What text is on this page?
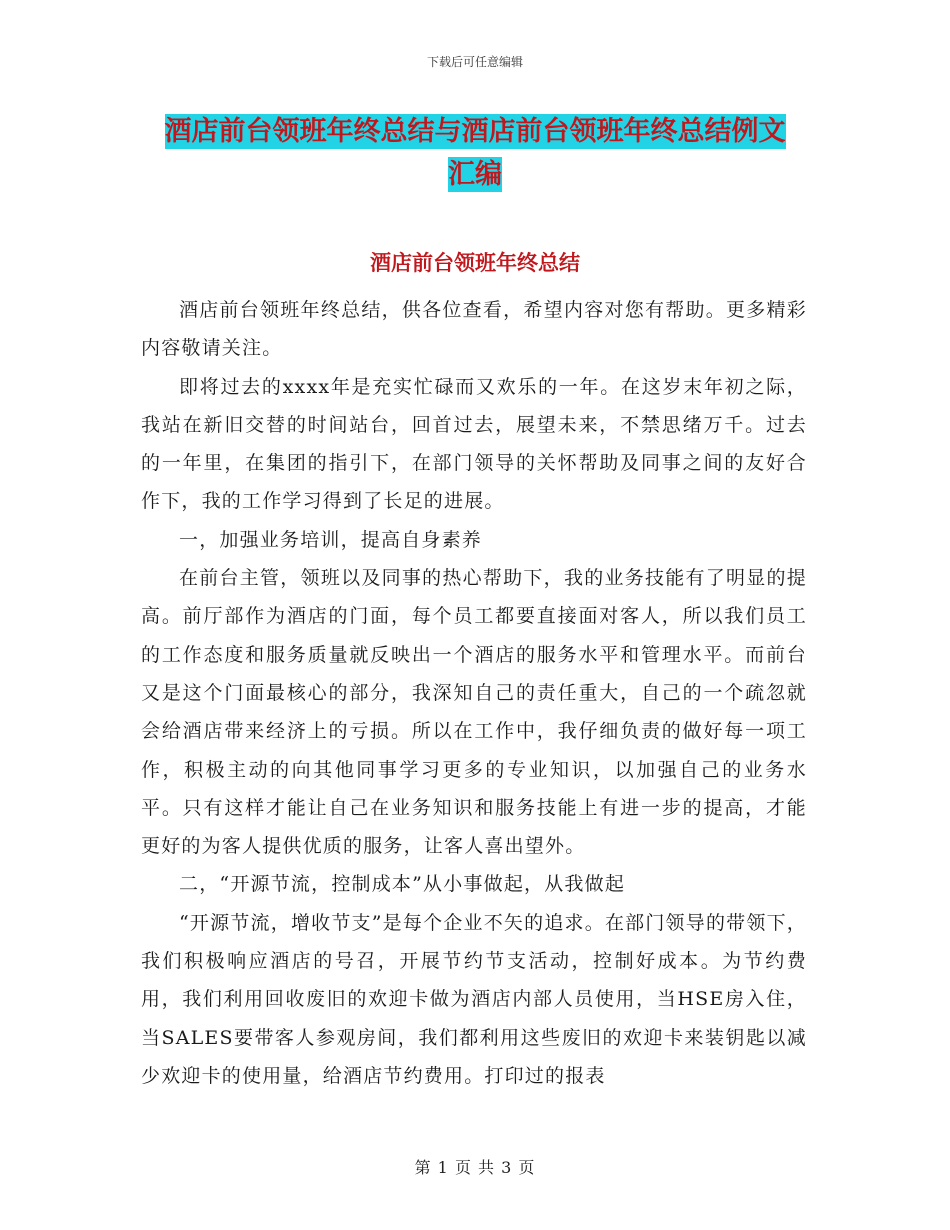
下载后可任意编辑
酒店前台领班年终总结与酒店前台领班年终总结例文
汇编
酒店前台领班年终总结

酒店前台领班年终总结，供各位查看，希望内容对您有帮助。更多精彩内容敬请关注。

即将过去的xxxx年是充实忙碌而又欢乐的一年。在这岁末年初之际，我站在新旧交替的时间站台，回首过去，展望未来，不禁思绪万千。过去的一年里，在集团的指引下，在部门领导的关怀帮助及同事之间的友好合作下，我的工作学习得到了长足的进展。

一，加强业务培训，提高自身素养

在前台主管，领班以及同事的热心帮助下，我的业务技能有了明显的提高。前厅部作为酒店的门面，每个员工都要直接面对客人，所以我们员工的工作态度和服务质量就反映出一个酒店的服务水平和管理水平。而前台又是这个门面最核心的部分，我深知自己的责任重大，自己的一个疏忽就会给酒店带来经济上的亏损。所以在工作中，我仔细负责的做好每一项工作，积极主动的向其他同事学习更多的专业知识，以加强自己的业务水平。只有这样才能让自己在业务知识和服务技能上有进一步的提高，才能更好的为客人提供优质的服务，让客人喜出望外。

二，“开源节流，控制成本”从小事做起，从我做起

“开源节流，增收节支”是每个企业不矢的追求。在部门领导的带领下，我们积极响应酒店的号召，开展节约节支活动，控制好成本。为节约费用，我们利用回收废旧的欢迎卡做为酒店内部人员使用，当HSE房入住，当SALES要带客人参观房间，我们都利用这些废旧的欢迎卡来装钥匙以减少欢迎卡的使用量，给酒店节约费用。打印过的报表

第 1 页 共 3 页
